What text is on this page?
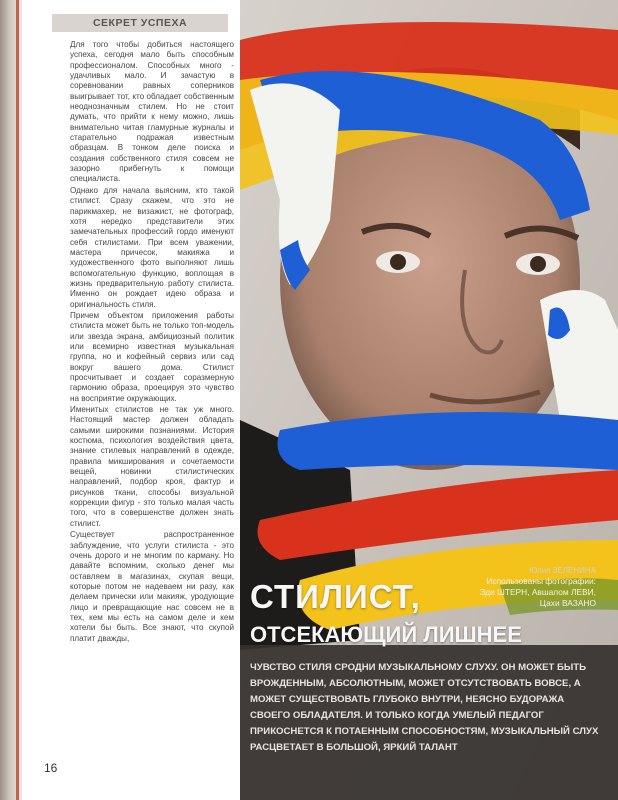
СЕКРЕТ УСПЕХА

Для того чтобы добиться настоящего успеха, сегодня мало быть способным профессионалом. Способных много - удачливых мало. И зачастую в соревновании равных соперников выигрывает тот, кто обладает собственным неоднозначным стилем. Но не стоит думать, что прийти к нему можно, лишь внимательно читая гламурные журналы и старательно подражая известным образцам. В тонком деле поиска и создания собственного стиля совсем не зазорно прибегнуть к помощи специалиста.

Однако для начала выясним, кто такой стилист. Сразу скажем, что это не парикмахер, не визажист, не фотограф, хотя нередко представители этих замечательных профессий гордо именуют себя стилистами. При всем уважении, мастера причесок, макияжа и художественного фото выполняют лишь вспомогательную функцию, воплощая в жизнь предварительную работу стилиста. Именно он рождает идею образа и оригинальность стиля.

Причем объектом приложения работы стилиста может быть не только топ-модель или звезда экрана, амбициозный политик или всемирно известная музыкальная группа, но и кофейный сервиз или сад вокруг вашего дома. Стилист просчитывает и создает соразмерную гармонию образа, проецируя это чувство на восприятие окружающих.

Именитых стилистов не так уж много. Настоящий мастер должен обладать самыми широкими познаниями. История костюма, психология воздействия цвета, знание стилевых направлений в одежде, правила микширования и сочетаемости вещей, новинки стилистических направлений, подбор кроя, фактур и рисунков ткани, способы визуальной коррекции фигур - это только малая часть того, что в совершенстве должен знать стилист.

Существует распространенное заблуждение, что услуги стилиста - это очень дорого и не многим по карману. Но давайте вспомним, сколько денег мы оставляем в магазинах, скупая вещи, которые потом не надеваем ни разу, как делаем прически или макияж, уродующие лицо и превращающие нас совсем не в тех, кем мы есть на самом деле и кем хотели бы быть. Все знают, что скупой платит дважды,

16
Юлия ЗЕЛЕНИНА
Использованы фотографии:
Эди ШТЕРН, Авшалом ЛЕВИ,
Цахи ВАЗАНО
СТИЛИСТ,
ОТСЕКАЮЩИЙ ЛИШНЕЕ
ЧУВСТВО СТИЛЯ СРОДНИ МУЗЫКАЛЬНОМУ СЛУХУ. ОН МОЖЕТ БЫТЬ ВРОЖДЕННЫМ, АБСОЛЮТНЫМ, МОЖЕТ ОТСУТСТВОВАТЬ ВОВСЕ, А МОЖЕТ СУЩЕСТВОВАТЬ ГЛУБОКО ВНУТРИ, НЕЯСНО БУДОРАЖА СВОЕГО ОБЛАДАТЕЛЯ. И ТОЛЬКО КОГДА УМЕЛЫЙ ПЕДАГОГ ПРИКОСНЕТСЯ К ПОТАЕННЫМ СПОСОБНОСТЯМ, МУЗЫКАЛЬНЫЙ СЛУХ РАСЦВЕТАЕТ В БОЛЬШОЙ, ЯРКИЙ ТАЛАНТ
